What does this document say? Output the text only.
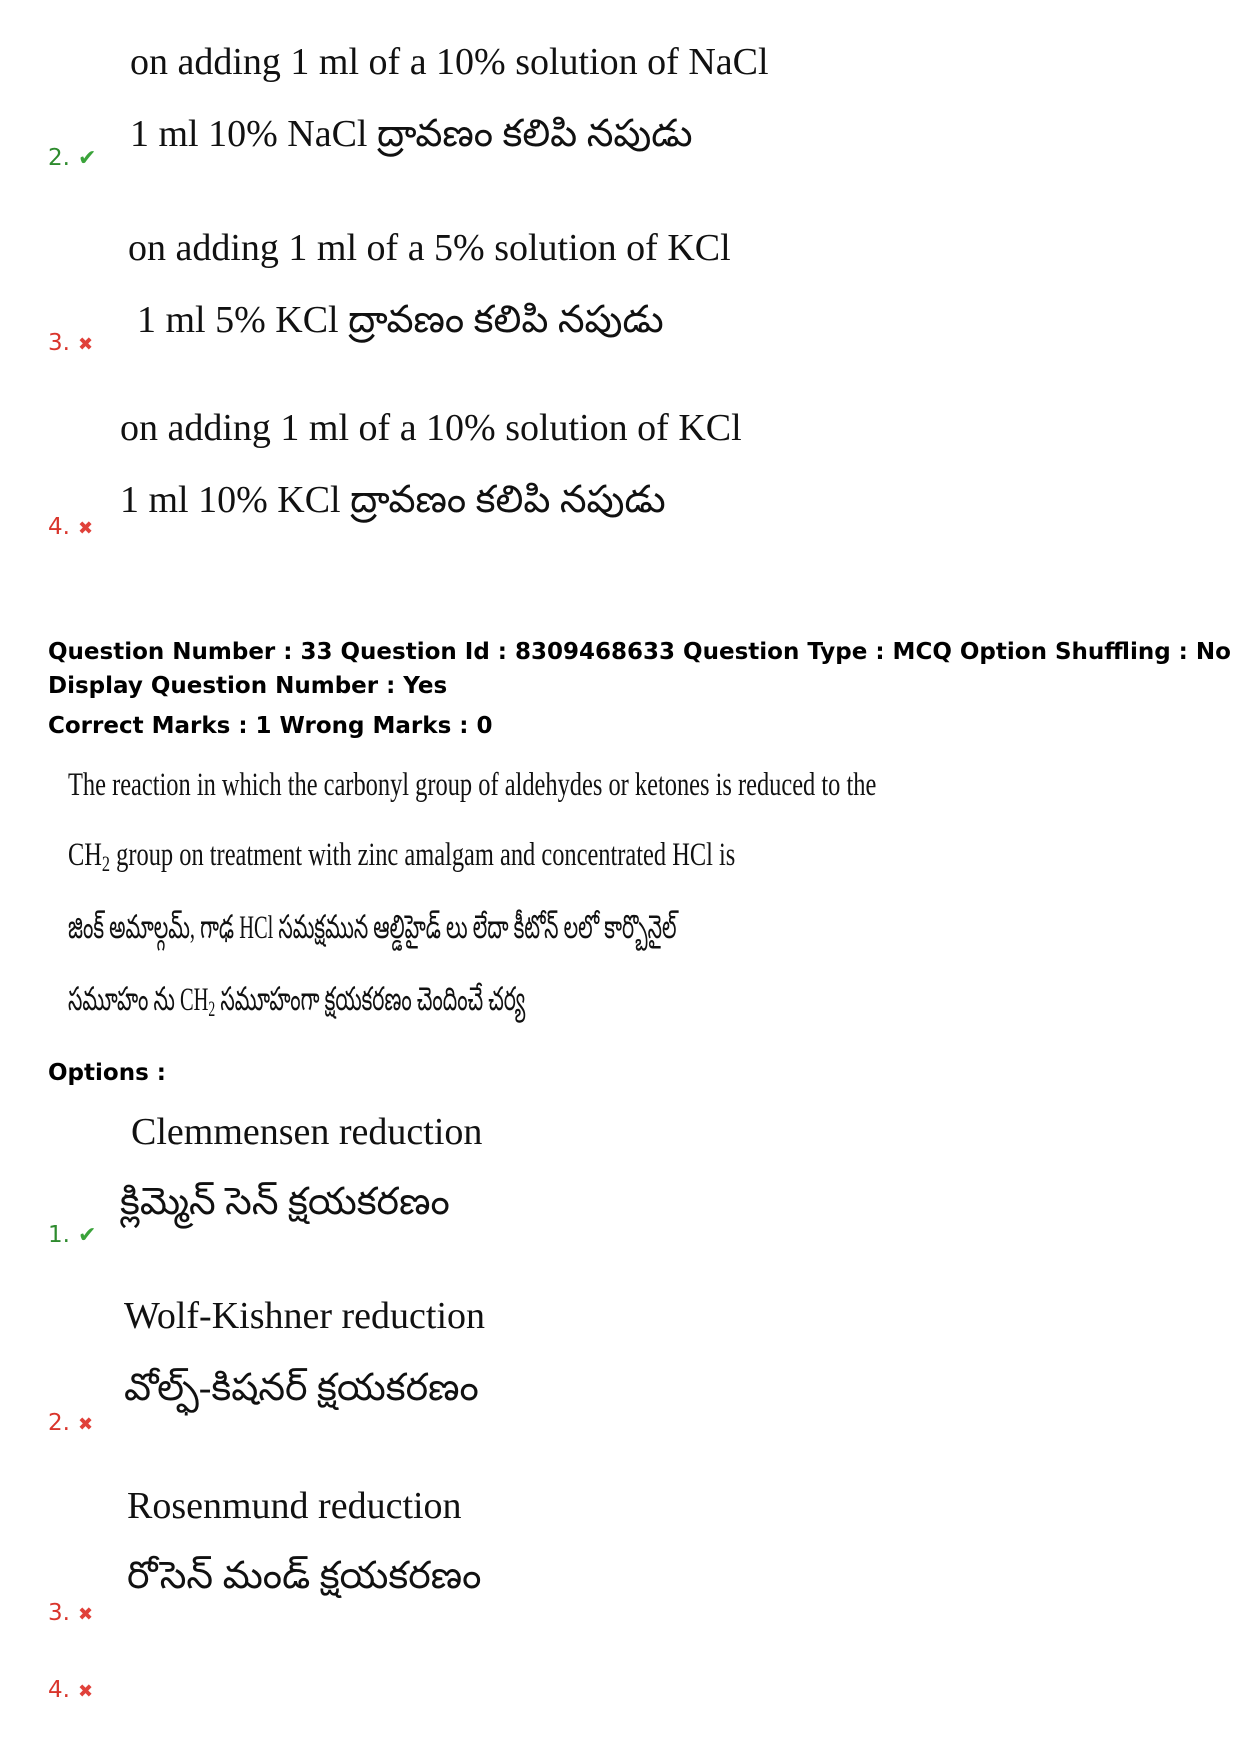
on adding 1 ml of a 10% solution of NaCl
1 ml 10% NaCl ద్రావణం కలిపి నపుడు
2. ✔
on adding 1 ml of a 5% solution of KCl
1 ml 5% KCl ద్రావణం కలిపి నపుడు
3. ✖
on adding 1 ml of a 10% solution of KCl
1 ml 10% KCl ద్రావణం కలిపి నపుడు
4. ✖
Question Number : 33 Question Id : 8309468633 Question Type : MCQ Option Shuffling : No
Display Question Number : Yes
Correct Marks : 1 Wrong Marks : 0
The reaction in which the carbonyl group of aldehydes or ketones is reduced to the
$CH_2$ group on treatment with zinc amalgam and concentrated HCl is
జింక్ అమాల్గమ్, గాఢ HCl సమక్షమున ఆల్డిహైడ్ లు లేదా కీటోన్ లలో కార్బొనైల్
సమూహం ను $CH_2$ సమూహంగా క్షయకరణం చెందించే చర్య
Options :
Clemmensen reduction
క్లిమ్మెన్ సెన్ క్షయకరణం
1. ✔
Wolf-Kishner reduction
వోల్ఫ్-కిషనర్ క్షయకరణం
2. ✖
Rosenmund reduction
రోసెన్ మండ్ క్షయకరణం
3. ✖
4. ✖
